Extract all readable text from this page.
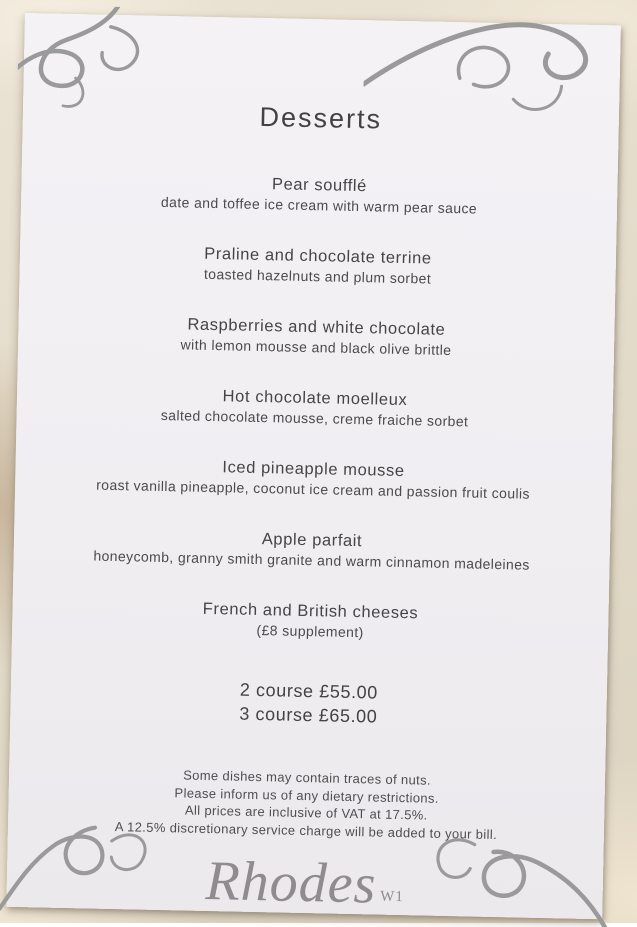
Desserts
Pear soufflé
date and toffee ice cream with warm pear sauce
Praline and chocolate terrine
toasted hazelnuts and plum sorbet
Raspberries and white chocolate
with lemon mousse and black olive brittle
Hot chocolate moelleux
salted chocolate mousse, creme fraiche sorbet
Iced pineapple mousse
roast vanilla pineapple, coconut ice cream and passion fruit coulis
Apple parfait
honeycomb, granny smith granite and warm cinnamon madeleines
French and British cheeses
(£8 supplement)
2 course £55.00
3 course £65.00
Some dishes may contain traces of nuts.
Please inform us of any dietary restrictions.
All prices are inclusive of VAT at 17.5%.
A 12.5% discretionary service charge will be added to your bill.
Rhodes W1
